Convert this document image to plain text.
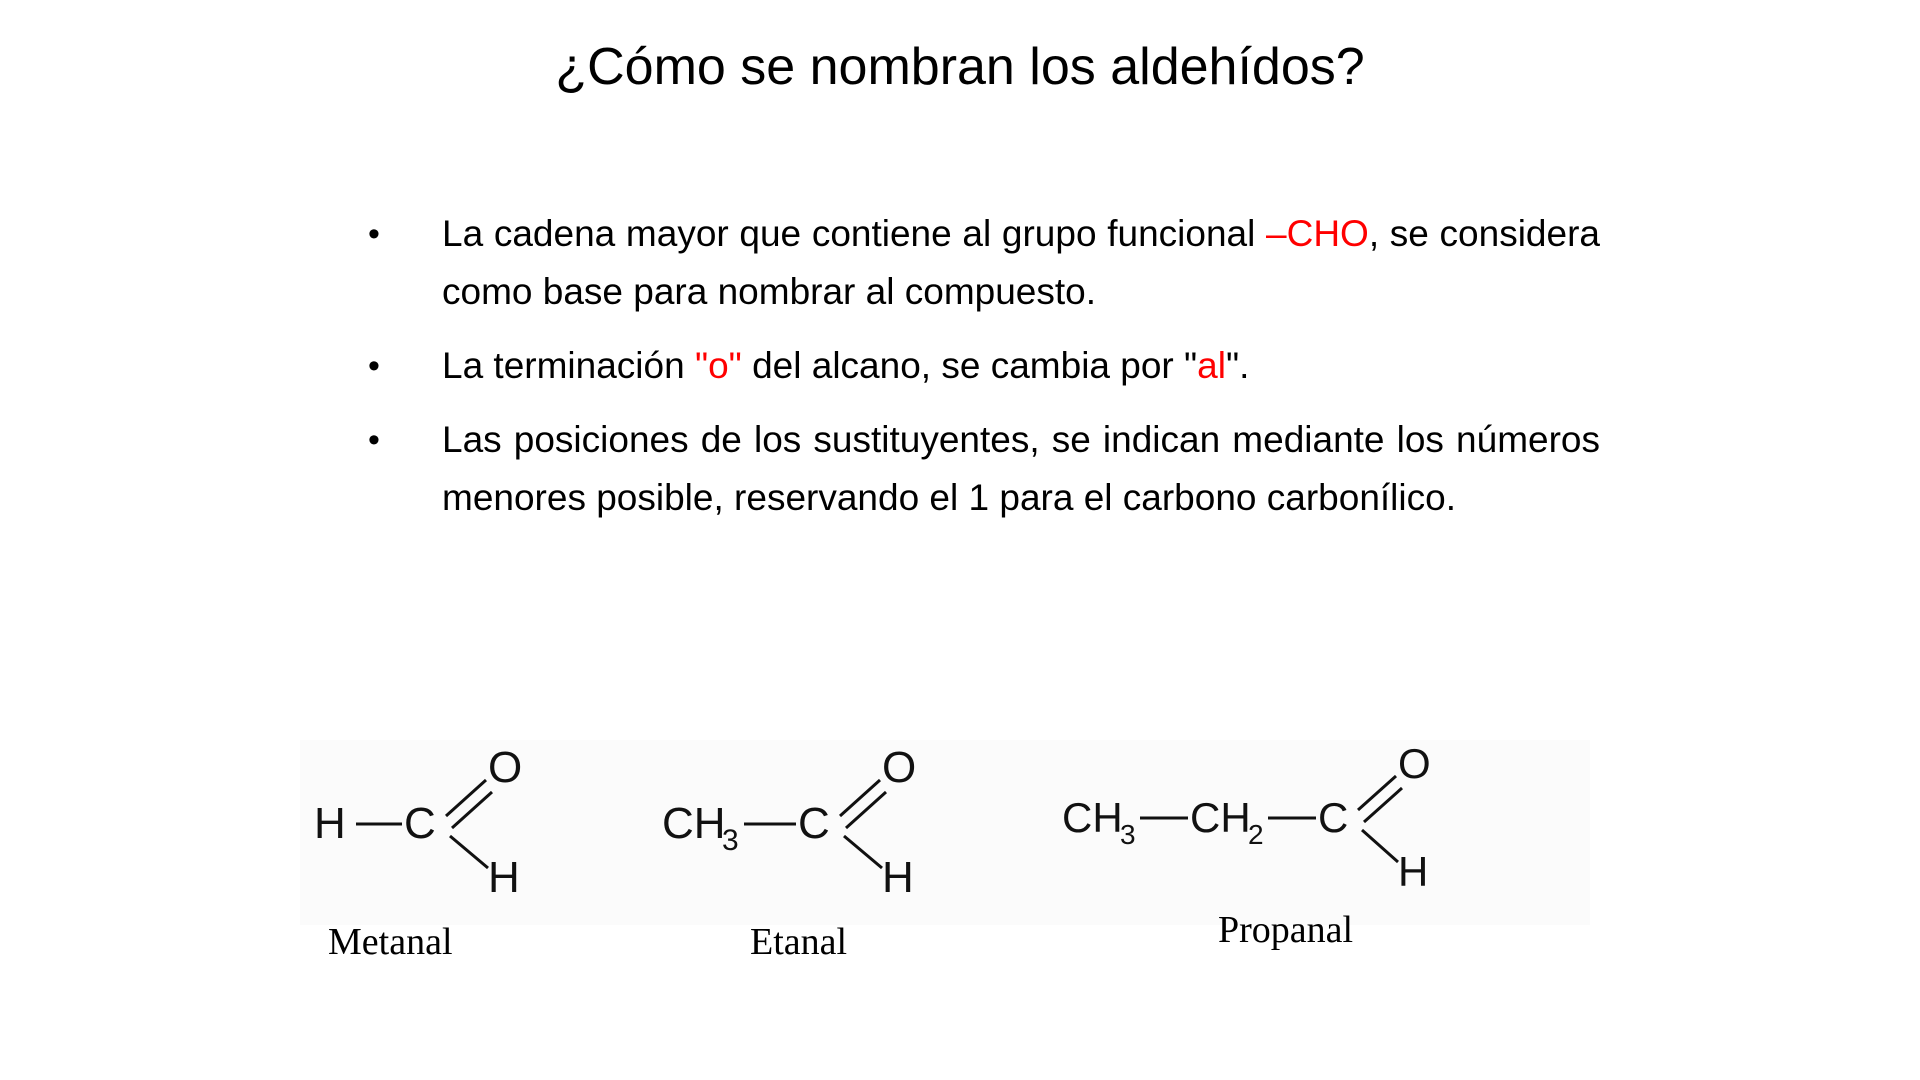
¿Cómo se nombran los aldehídos?
•	La cadena mayor que contiene al grupo funcional –CHO, se considera como base para nombrar al compuesto.
•	La terminación "o" del alcano, se cambia por "al".
•	Las posiciones de los sustituyentes, se indican mediante los números menores posible, reservando el 1 para el carbono carbonílico.
H C
O
H
CH
3 C
O
H
CH
3 CH
2 C
O
H
Metanal	Etanal	Propanal
